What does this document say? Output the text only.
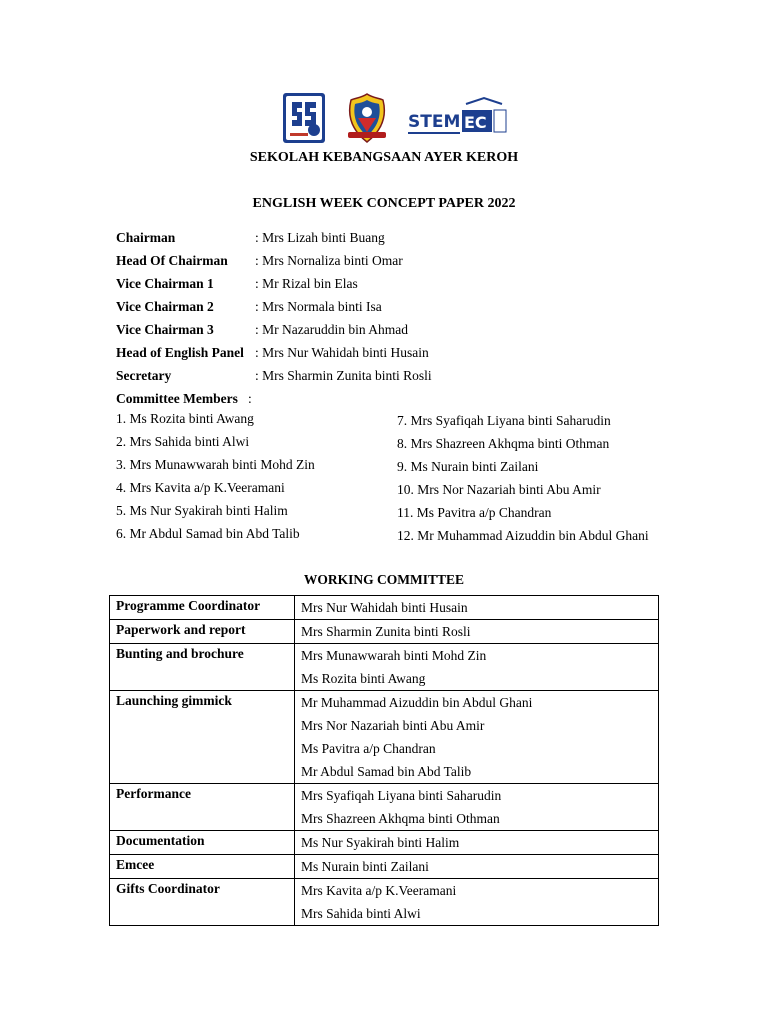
STEM EC
SEKOLAH KEBANGSAAN AYER KEROH
ENGLISH WEEK CONCEPT PAPER 2022
Chairman	: Mrs Lizah binti Buang
Head Of Chairman	: Mrs Nornaliza binti Omar
Vice Chairman 1	: Mr Rizal bin Elas
Vice Chairman 2	: Mrs Normala binti Isa
Vice Chairman 3	: Mr Nazaruddin bin Ahmad
Head of English Panel : Mrs Nur Wahidah binti Husain
Secretary	: Mrs Sharmin Zunita binti Rosli
Committee Members :
1. Ms Rozita binti Awang
2. Mrs Sahida binti Alwi
3. Mrs Munawwarah binti Mohd Zin
4. Mrs Kavita a/p K.Veeramani
5. Ms Nur Syakirah binti Halim
6. Mr Abdul Samad bin Abd Talib
7. Mrs Syafiqah Liyana binti Saharudin
8. Mrs Shazreen Akhqma binti Othman
9. Ms Nurain binti Zailani
10. Mrs Nor Nazariah binti Abu Amir
11. Ms Pavitra a/p Chandran
12. Mr Muhammad Aizuddin bin Abdul Ghani
WORKING COMMITTEE
Programme Coordinator	Mrs Nur Wahidah binti Husain

Paperwork and report	Mrs Sharmin Zunita binti Rosli

Bunting and brochure	Mrs Munawwarah binti Mohd Zin
Ms Rozita binti Awang

Launching gimmick	Mr Muhammad Aizuddin bin Abdul Ghani
Mrs Nor Nazariah binti Abu Amir
Ms Pavitra a/p Chandran
Mr Abdul Samad bin Abd Talib

Performance	Mrs Syafiqah Liyana binti Saharudin
Mrs Shazreen Akhqma binti Othman

Documentation	Ms Nur Syakirah binti Halim

Emcee	Ms Nurain binti Zailani

Gifts Coordinator	Mrs Kavita a/p K.Veeramani
Mrs Sahida binti Alwi
